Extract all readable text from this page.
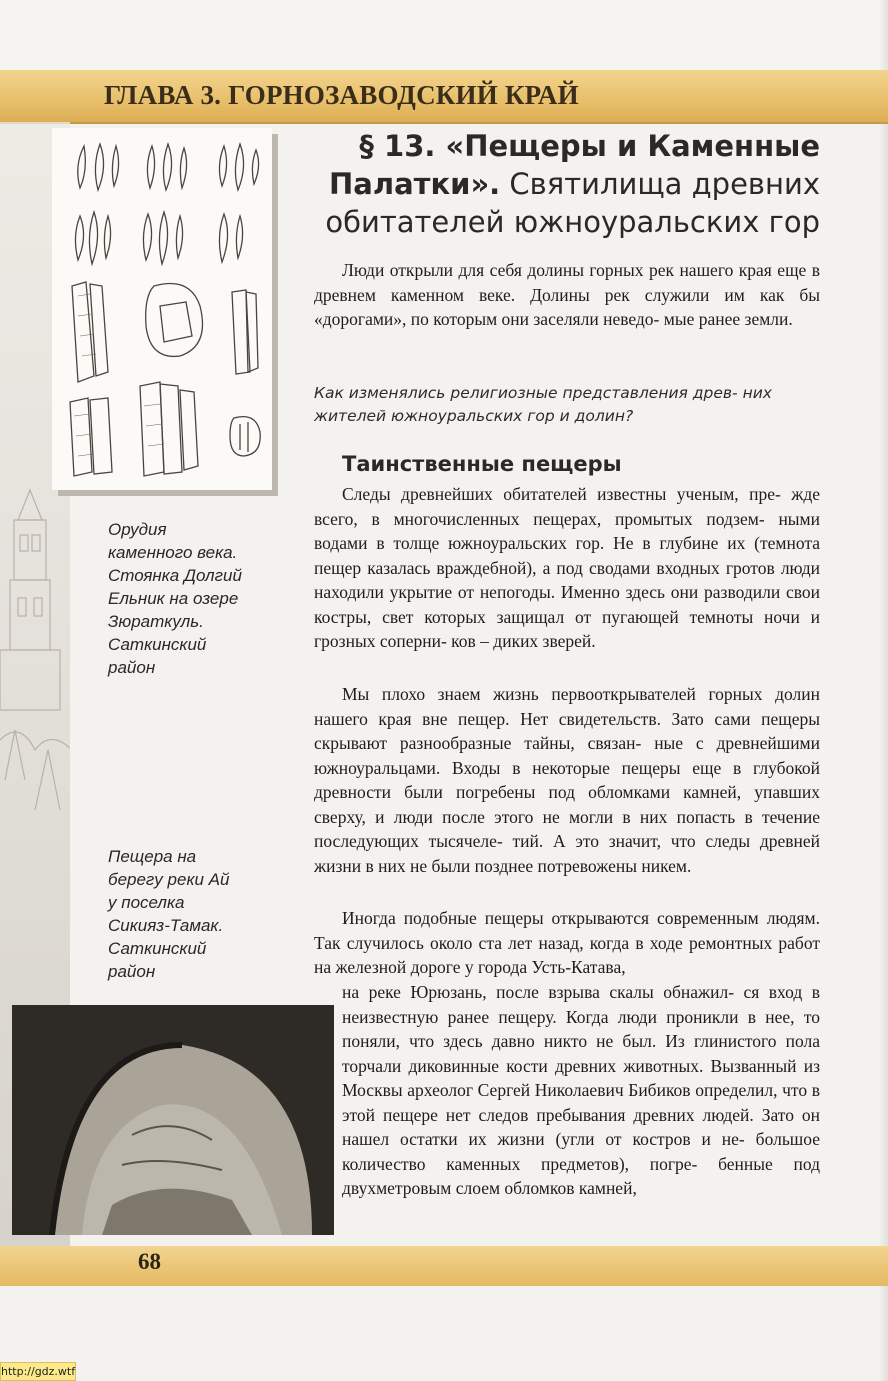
ГЛАВА 3. ГОРНОЗАВОДСКИЙ КРАЙ
Орудия
каменного века.
Стоянка Долгий
Ельник на озере
Зюраткуль.
Саткинский
район
Пещера на
берегу реки Ай
у поселка
Сикияз-Тамак.
Саткинский
район
§ 13. «Пещеры и Каменные
Палатки». Святилища древних
обитателей южноуральских гор

Люди открыли для себя долины горных рек нашего края еще в древнем каменном веке. Долины рек служили им как бы «дорогами», по которым они заселяли неведо- мые ранее земли.

Как изменялись религиозные представления древ- них жителей южноуральских гор и долин?

Таинственные пещеры

Следы древнейших обитателей известны ученым, пре- жде всего, в многочисленных пещерах, промытых подзем- ными водами в толще южноуральских гор. Не в глубине их (темнота пещер казалась враждебной), а под сводами входных гротов люди находили укрытие от непогоды. Именно здесь они разводили свои костры, свет которых защищал от пугающей темноты ночи и грозных соперни- ков – диких зверей.

Мы плохо знаем жизнь первооткрывателей горных долин нашего края вне пещер. Нет свидетельств. Зато сами пещеры скрывают разнообразные тайны, связан- ные с древнейшими южноуральцами. Входы в некоторые пещеры еще в глубокой древности были погребены под обломками камней, упавших сверху, и люди после этого не могли в них попасть в течение последующих тысячеле- тий. А это значит, что следы древней жизни в них не были позднее потревожены никем.

Иногда подобные пещеры открываются современным людям. Так случилось около ста лет назад, когда в ходе ремонтных работ на железной дороге у города Усть-Катава,

на реке Юрюзань, после взрыва скалы обнажил- ся вход в неизвестную ранее пещеру. Когда люди проникли в нее, то поняли, что здесь давно никто не был. Из глинистого пола торчали диковинные кости древних животных. Вызванный из Москвы археолог Сергей Николаевич Бибиков определил, что в этой пещере нет следов пребывания древних людей. Зато он нашел остатки их жизни (угли от костров и не- большое количество каменных предметов), погре- бенные под двухметровым слоем обломков камней,

68
http://gdz.wtf
